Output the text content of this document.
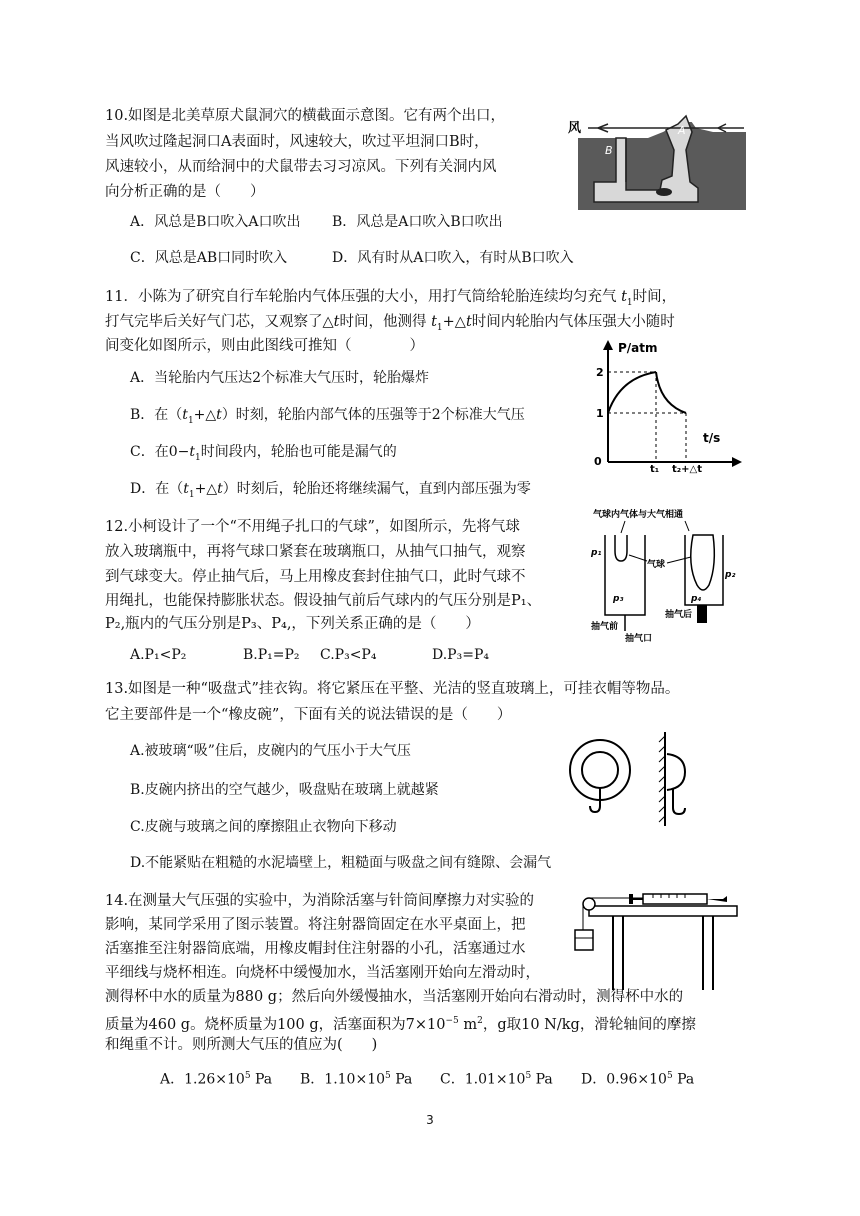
10.如图是北美草原犬鼠洞穴的横截面示意图。它有两个出口，
当风吹过隆起洞口A表面时，风速较大，吹过平坦洞口B时，
风速较小，从而给洞中的犬鼠带去习习凉风。下列有关洞内风
向分析正确的是（　　）
A．风总是B口吹入A口吹出 B．风总是A口吹入B口吹出
C．风总是AB口同时吹入	D．风有时从A口吹入，有时从B口吹入
风	A
B
11．小陈为了研究自行车轮胎内气体压强的大小，用打气筒给轮胎连续均匀充气 $t_1$时间，
打气完毕后关好气门芯，又观察了△t时间，他测得 $t_1+\triangle t$时间内轮胎内气体压强大小随时
间变化如图所示，则由此图线可推知（　　　　）
A．当轮胎内气压达2个标准大气压时，轮胎爆炸
B．在$(t_1+\triangle t)$时刻，轮胎内部气体的压强等于2个标准大气压
C．在$0-t_1$时间段内，轮胎也可能是漏气的
D．在$(t_1+\triangle t)$时刻后，轮胎还将继续漏气，直到内部压强为零
P/atm
t/s
0
1
2
t₁ t₂+△t
12.小柯设计了一个“不用绳子扎口的气球”，如图所示，先将气球
放入玻璃瓶中，再将气球口紧套在玻璃瓶口，从抽气口抽气，观察
到气球变大。停止抽气后，马上用橡皮套封住抽气口，此时气球不
用绳扎，也能保持膨胀状态。假设抽气前后气球内的气压分别是P₁、
P₂,瓶内的气压分别是P₃、P₄,，下列关系正确的是（　　）
A.P₁<P₂	B.P₁=P₂ C.P₃<P₄	D.P₃=P₄
气球内气体与大气相通
p₁
p₂
p₃	p₄
气球
抽气前
抽气后
抽气口
13.如图是一种“吸盘式”挂衣钩。将它紧压在平整、光洁的竖直玻璃上，可挂衣帽等物品。
它主要部件是一个“橡皮碗”，下面有关的说法错误的是（　　）
A.被玻璃“吸”住后，皮碗内的气压小于大气压
B.皮碗内挤出的空气越少，吸盘贴在玻璃上就越紧
C.皮碗与玻璃之间的摩擦阻止衣物向下移动
D.不能紧贴在粗糙的水泥墙壁上，粗糙面与吸盘之间有缝隙、会漏气
14.在测量大气压强的实验中，为消除活塞与针筒间摩擦力对实验的
影响，某同学采用了图示装置。将注射器筒固定在水平桌面上，把
活塞推至注射器筒底端，用橡皮帽封住注射器的小孔，活塞通过水
平细线与烧杯相连。向烧杯中缓慢加水，当活塞刚开始向左滑动时，
测得杯中水的质量为880 g；然后向外缓慢抽水，当活塞刚开始向右滑动时，测得杯中水的
质量为460 g。烧杯质量为100 g，活塞面积为$7\times 10^{-5}$ $m^2$，g取10 N/kg，滑轮轴间的摩擦
和绳重不计。则所测大气压的值应为(　　)
A．$1.26\times 10^5$ Pa B．$1.10\times 10^5$ Pa C．$1.01\times 10^5$ Pa D．$0.96\times 10^5$ Pa
3
